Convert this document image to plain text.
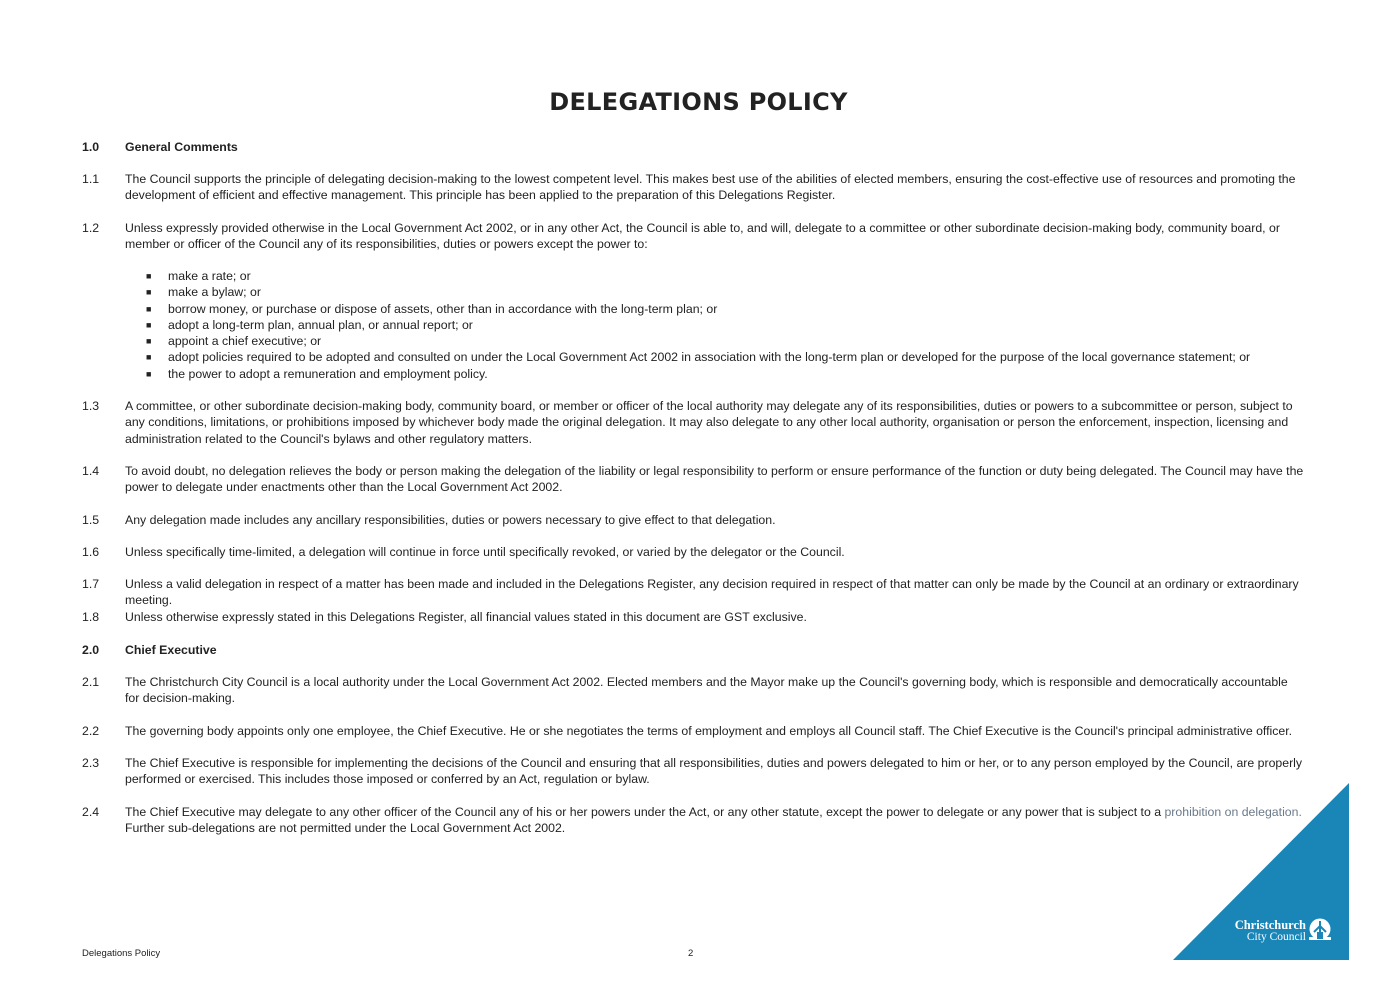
DELEGATIONS POLICY
1.0	General Comments
1.1	The Council supports the principle of delegating decision-making to the lowest competent level. This makes best use of the abilities of elected members, ensuring the cost-effective use of resources and promoting the development of efficient and effective management. This principle has been applied to the preparation of this Delegations Register.
1.2	Unless expressly provided otherwise in the Local Government Act 2002, or in any other Act, the Council is able to, and will, delegate to a committee or other subordinate decision-making body, community board, or member or officer of the Council any of its responsibilities, duties or powers except the power to:
■ make a rate; or
■ make a bylaw; or
■ borrow money, or purchase or dispose of assets, other than in accordance with the long-term plan; or
■ adopt a long-term plan, annual plan, or annual report; or
■ appoint a chief executive; or
■ adopt policies required to be adopted and consulted on under the Local Government Act 2002 in association with the long-term plan or developed for the purpose of the local governance statement; or
■ the power to adopt a remuneration and employment policy.
1.3	A committee, or other subordinate decision-making body, community board, or member or officer of the local authority may delegate any of its responsibilities, duties or powers to a subcommittee or person, subject to any conditions, limitations, or prohibitions imposed by whichever body made the original delegation. It may also delegate to any other local authority, organisation or person the enforcement, inspection, licensing and administration related to the Council's bylaws and other regulatory matters.
1.4	To avoid doubt, no delegation relieves the body or person making the delegation of the liability or legal responsibility to perform or ensure performance of the function or duty being delegated. The Council may have the power to delegate under enactments other than the Local Government Act 2002.
1.5	Any delegation made includes any ancillary responsibilities, duties or powers necessary to give effect to that delegation.
1.6	Unless specifically time-limited, a delegation will continue in force until specifically revoked, or varied by the delegator or the Council.
1.7	Unless a valid delegation in respect of a matter has been made and included in the Delegations Register, any decision required in respect of that matter can only be made by the Council at an ordinary or extraordinary meeting.
1.8	Unless otherwise expressly stated in this Delegations Register, all financial values stated in this document are GST exclusive.
2.0	Chief Executive
2.1	The Christchurch City Council is a local authority under the Local Government Act 2002. Elected members and the Mayor make up the Council's governing body, which is responsible and democratically accountable for decision-making.
2.2	The governing body appoints only one employee, the Chief Executive. He or she negotiates the terms of employment and employs all Council staff. The Chief Executive is the Council's principal administrative officer.
2.3	The Chief Executive is responsible for implementing the decisions of the Council and ensuring that all responsibilities, duties and powers delegated to him or her, or to any person employed by the Council, are properly performed or exercised. This includes those imposed or conferred by an Act, regulation or bylaw.
2.4	The Chief Executive may delegate to any other officer of the Council any of his or her powers under the Act, or any other statute, except the power to delegate or any power that is subject to a prohibition on delegation.
Further sub-delegations are not permitted under the Local Government Act 2002.
Christchurch
City Council
Delegations Policy	2
